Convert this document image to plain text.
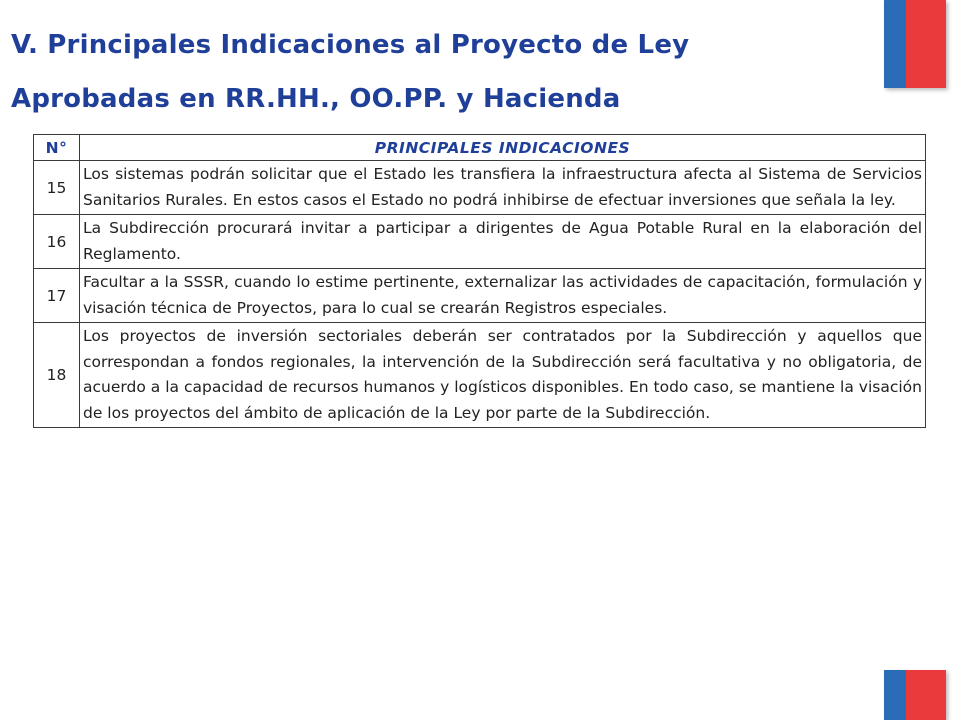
V. Principales Indicaciones al Proyecto de Ley
Aprobadas en RR.HH., OO.PP. y Hacienda
N°	PRINCIPALES INDICACIONES
15	Los sistemas podrán solicitar que el Estado les transfiera la infraestructura afecta al Sistema de Servicios Sanitarios Rurales. En estos casos el Estado no podrá inhibirse de efectuar inversiones que señala la ley.
16	La Subdirección procurará invitar a participar a dirigentes de Agua Potable Rural en la elaboración del Reglamento.
17	Facultar a la SSSR, cuando lo estime pertinente, externalizar las actividades de capacitación, formulación y visación técnica de Proyectos, para lo cual se crearán Registros especiales.
18	Los proyectos de inversión sectoriales deberán ser contratados por la Subdirección y aquellos que correspondan a fondos regionales, la intervención de la Subdirección será facultativa y no obligatoria, de acuerdo a la capacidad de recursos humanos y logísticos disponibles. En todo caso, se mantiene la visación de los proyectos del ámbito de aplicación de la Ley por parte de la Subdirección.
